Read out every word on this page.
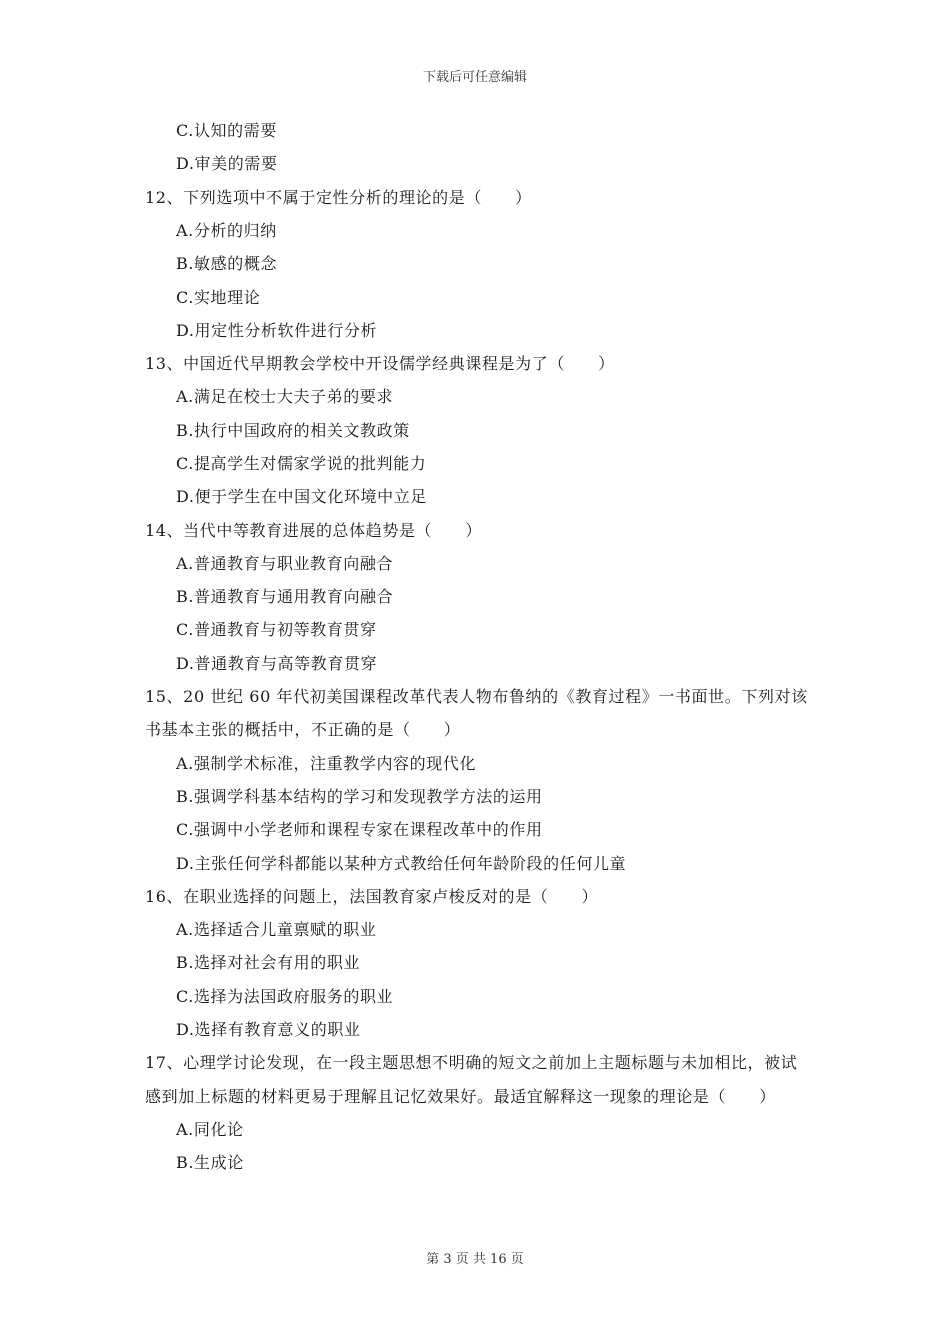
下载后可任意编辑
C.认知的需要
D.审美的需要
12、下列选项中不属于定性分析的理论的是（　　）
A.分析的归纳
B.敏感的概念
C.实地理论
D.用定性分析软件进行分析
13、中国近代早期教会学校中开设儒学经典课程是为了（　　）
A.满足在校士大夫子弟的要求
B.执行中国政府的相关文教政策
C.提高学生对儒家学说的批判能力
D.便于学生在中国文化环境中立足
14、当代中等教育进展的总体趋势是（　　）
A.普通教育与职业教育向融合
B.普通教育与通用教育向融合
C.普通教育与初等教育贯穿
D.普通教育与高等教育贯穿
15、20 世纪 60 年代初美国课程改革代表人物布鲁纳的《教育过程》一书面世。下列对该
书基本主张的概括中，不正确的是（　　）
A.强制学术标准，注重教学内容的现代化
B.强调学科基本结构的学习和发现教学方法的运用
C.强调中小学老师和课程专家在课程改革中的作用
D.主张任何学科都能以某种方式教给任何年龄阶段的任何儿童
16、在职业选择的问题上，法国教育家卢梭反对的是（　　）
A.选择适合儿童禀赋的职业
B.选择对社会有用的职业
C.选择为法国政府服务的职业
D.选择有教育意义的职业
17、心理学讨论发现，在一段主题思想不明确的短文之前加上主题标题与未加相比，被试
感到加上标题的材料更易于理解且记忆效果好。最适宜解释这一现象的理论是（　　）
A.同化论
B.生成论
第 3 页 共 16 页
